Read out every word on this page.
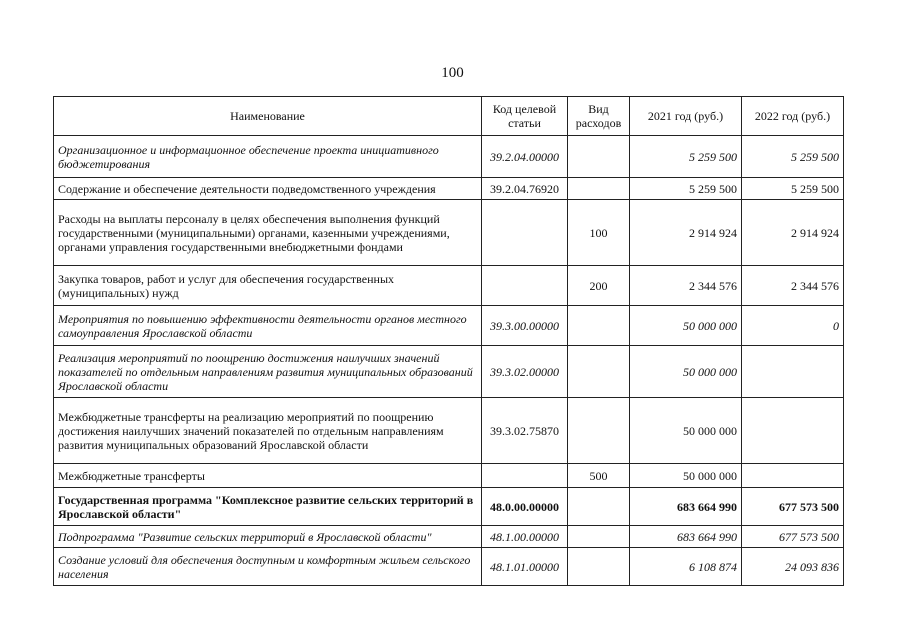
100
Наименование	Код целевой статьи	Вид расходов	2021 год (руб.)	2022 год (руб.)
Организационное и информационное обеспечение проекта инициативного бюджетирования	39.2.04.00000		5 259 500	5 259 500
Содержание и обеспечение деятельности подведомственного учреждения	39.2.04.76920		5 259 500	5 259 500
Расходы на выплаты персоналу в целях обеспечения выполнения функций государственными (муниципальными) органами, казенными учреждениями, органами управления государственными внебюджетными фондами		100	2 914 924	2 914 924
Закупка товаров, работ и услуг для обеспечения государственных (муниципальных) нужд		200	2 344 576	2 344 576
Мероприятия по повышению эффективности деятельности органов местного самоуправления Ярославской области	39.3.00.00000		50 000 000	0
Реализация мероприятий по поощрению достижения наилучших значений показателей по отдельным направлениям развития муниципальных образований Ярославской области	39.3.02.00000		50 000 000	
Межбюджетные трансферты на реализацию мероприятий по поощрению достижения наилучших значений показателей по отдельным направлениям развития муниципальных образований Ярославской области	39.3.02.75870		50 000 000	
Межбюджетные трансферты		500	50 000 000	
Государственная программа "Комплексное развитие сельских территорий в Ярославской области"	48.0.00.00000		683 664 990	677 573 500
Подпрограмма "Развитие сельских территорий в Ярославской области"	48.1.00.00000		683 664 990	677 573 500
Создание условий для обеспечения доступным и комфортным жильем сельского населения	48.1.01.00000		6 108 874	24 093 836
